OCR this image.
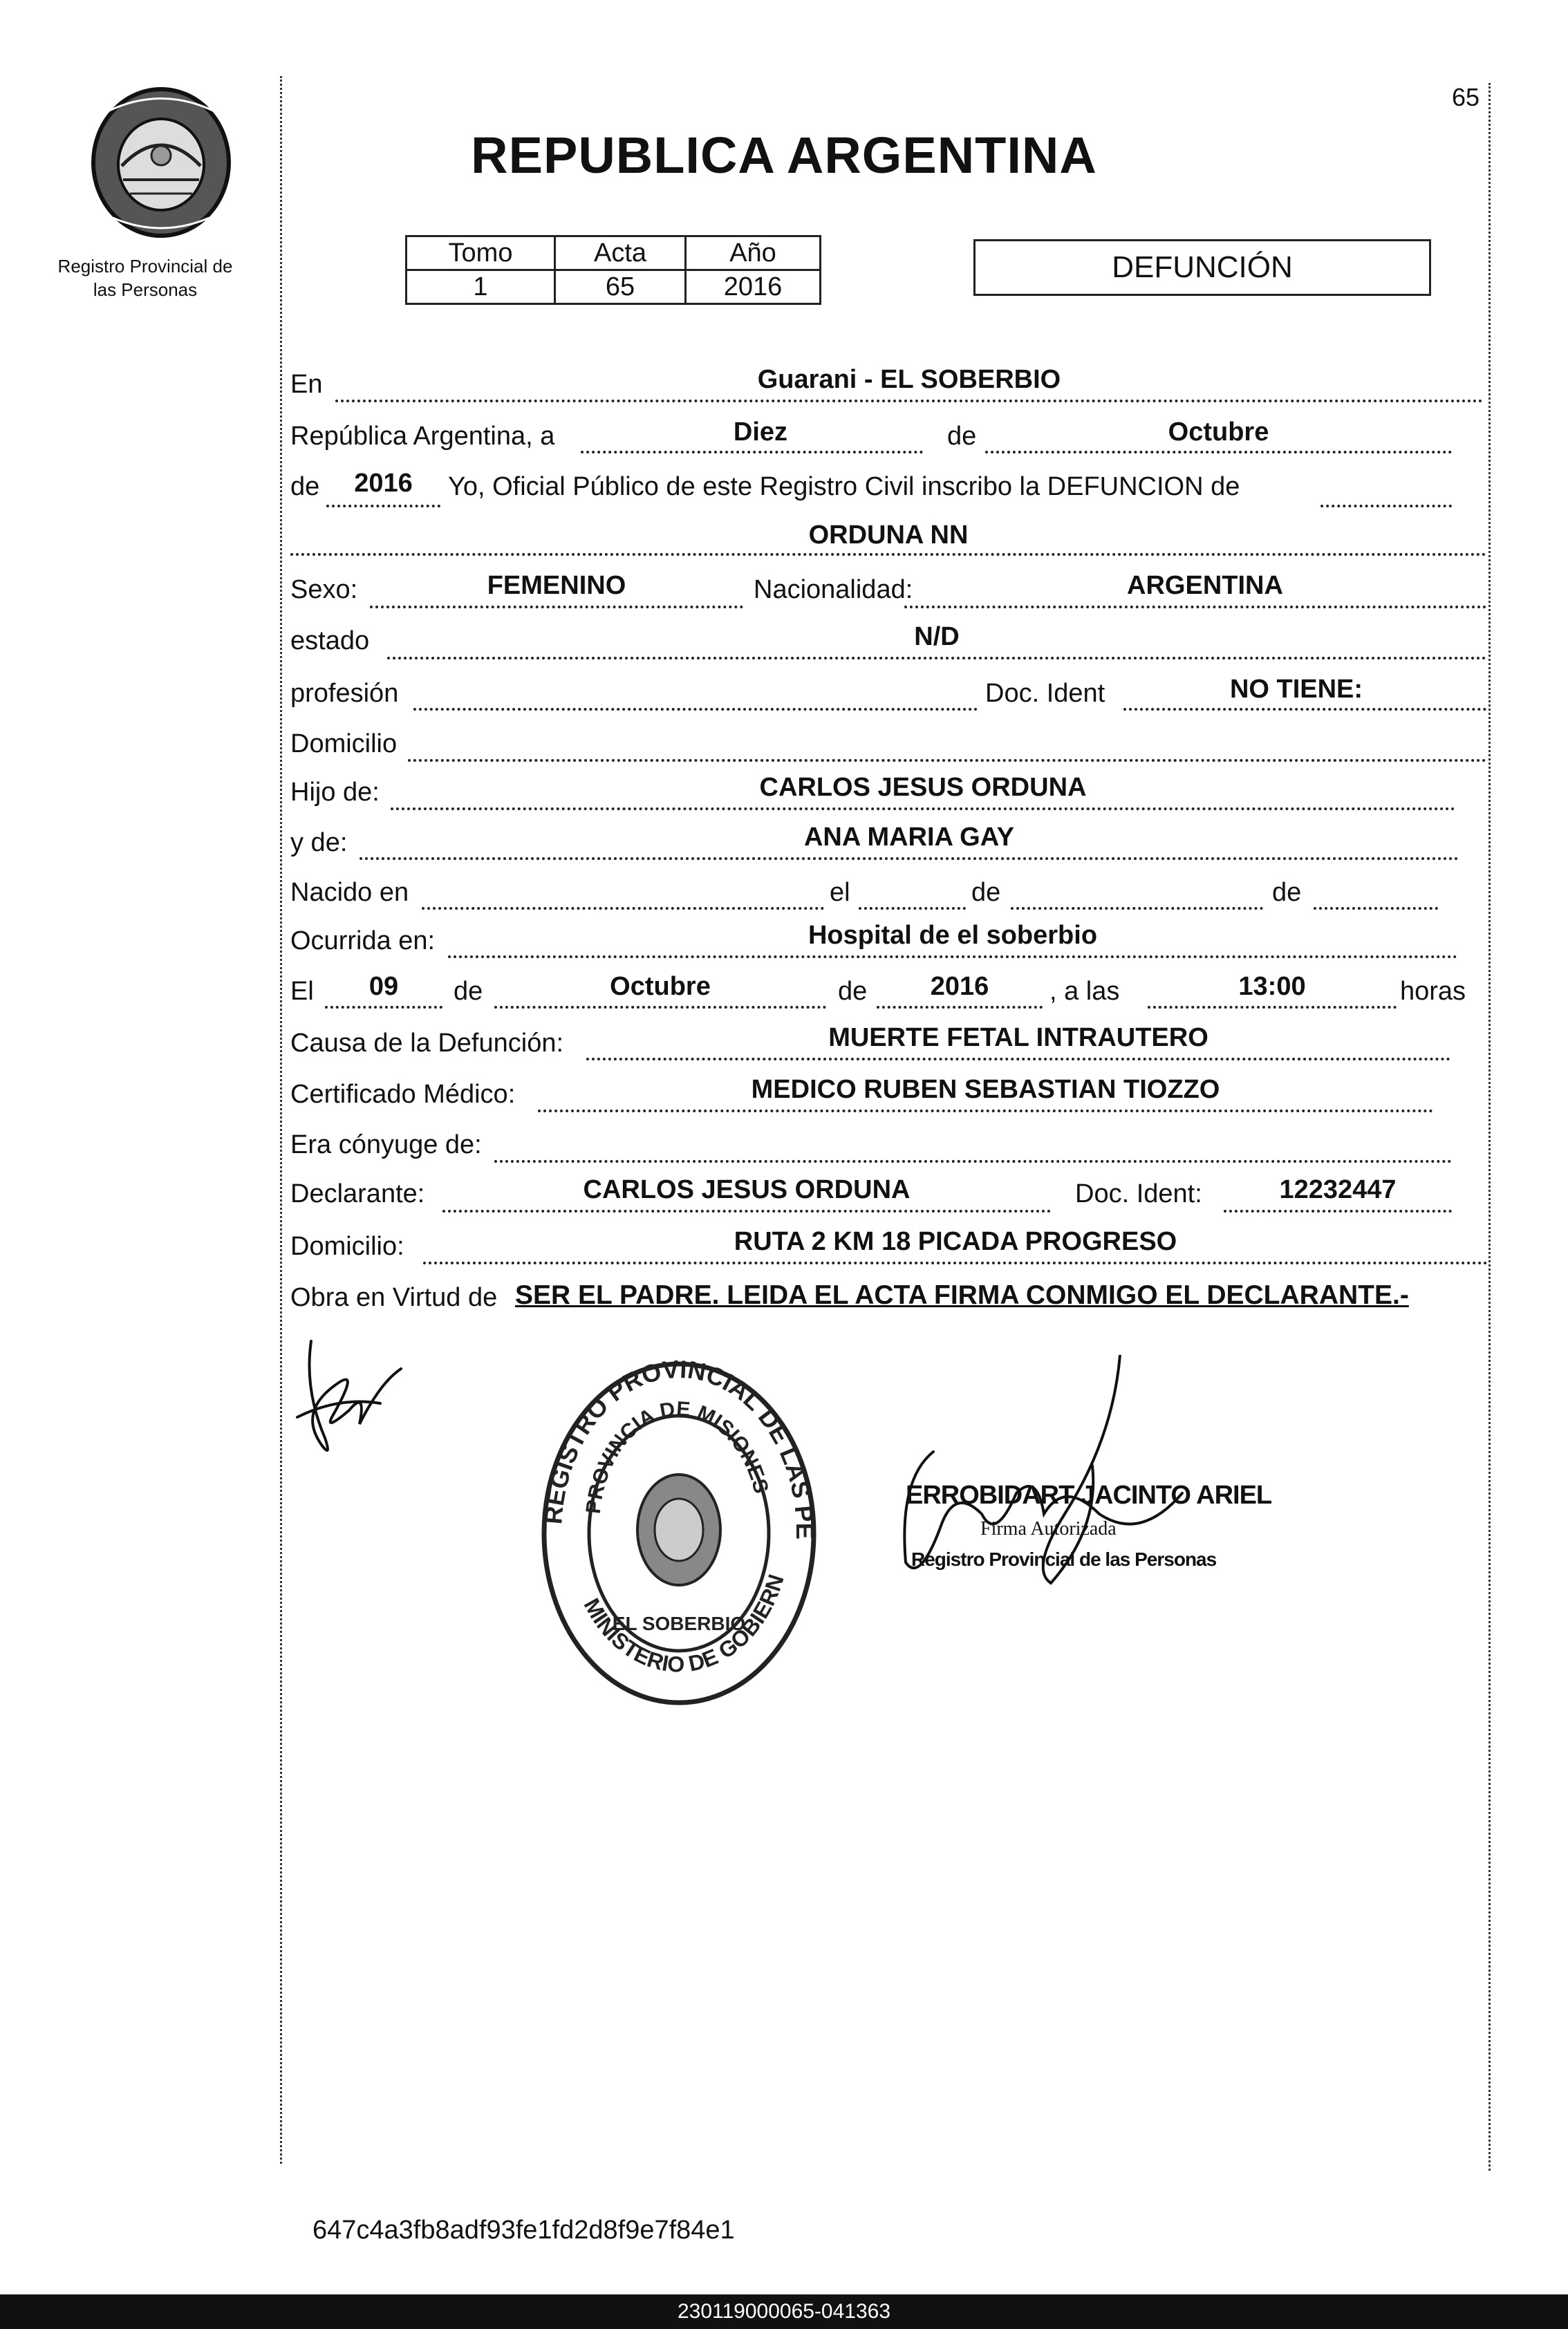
Registro Provincial de
las Personas
65
REPUBLICA ARGENTINA
Tomo	Acta	Año
1	65	2016
DEFUNCIÓN
En	Guarani - EL SOBERBIO
República Argentina, a	Diez	de	Octubre
de	2016	Yo, Oficial Público de este Registro Civil inscribo la DEFUNCION de
ORDUNA NN
Sexo:	FEMENINO	Nacionalidad:	ARGENTINA
estado	N/D
profesión	Doc. Ident	NO TIENE:
Domicilio
Hijo de:	CARLOS JESUS ORDUNA
y de:	ANA MARIA GAY
Nacido en	el	de	de
Ocurrida en:	Hospital de el soberbio
El	09	de	Octubre	de	2016	, a las	13:00	horas
Causa de la Defunción:	MUERTE FETAL INTRAUTERO
Certificado Médico:	MEDICO RUBEN SEBASTIAN TIOZZO
Era cónyuge de:
Declarante:	CARLOS JESUS ORDUNA	Doc. Ident:	12232447
Domicilio:	RUTA 2 KM 18 PICADA PROGRESO
Obra en Virtud de SER EL PADRE. LEIDA EL ACTA FIRMA CONMIGO EL DECLARANTE.-
REGISTRO PROVINCIAL DE LAS PE
PROVINCIA DE MISIONES
MINISTERIO DE GOBIERN
EL SOBERBIO
ERROBIDART JACINTO ARIEL
Firma Autorizada
Registro Provincial de las Personas
647c4a3fb8adf93fe1fd2d8f9e7f84e1
230119000065-041363
